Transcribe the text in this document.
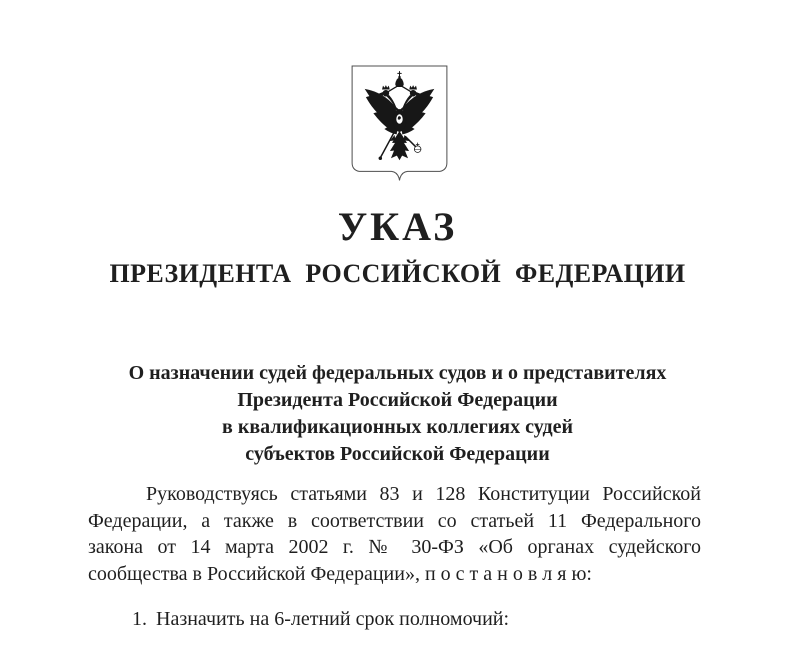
УКАЗ
ПРЕЗИДЕНТА РОССИЙСКОЙ ФЕДЕРАЦИИ
О назначении судей федеральных судов и о представителях
Президента Российской Федерации
в квалификационных коллегиях судей
субъектов Российской Федерации
Руководствуясь статьями 83 и 128 Конституции Российской
Федерации, а также в соответствии со статьей 11 Федерального
закона от 14 марта 2002 г. № 30-ФЗ «Об органах судейского
сообщества в Российской Федерации», п о с т а н о в л я ю:
1. Назначить на 6-летний срок полномочий:
